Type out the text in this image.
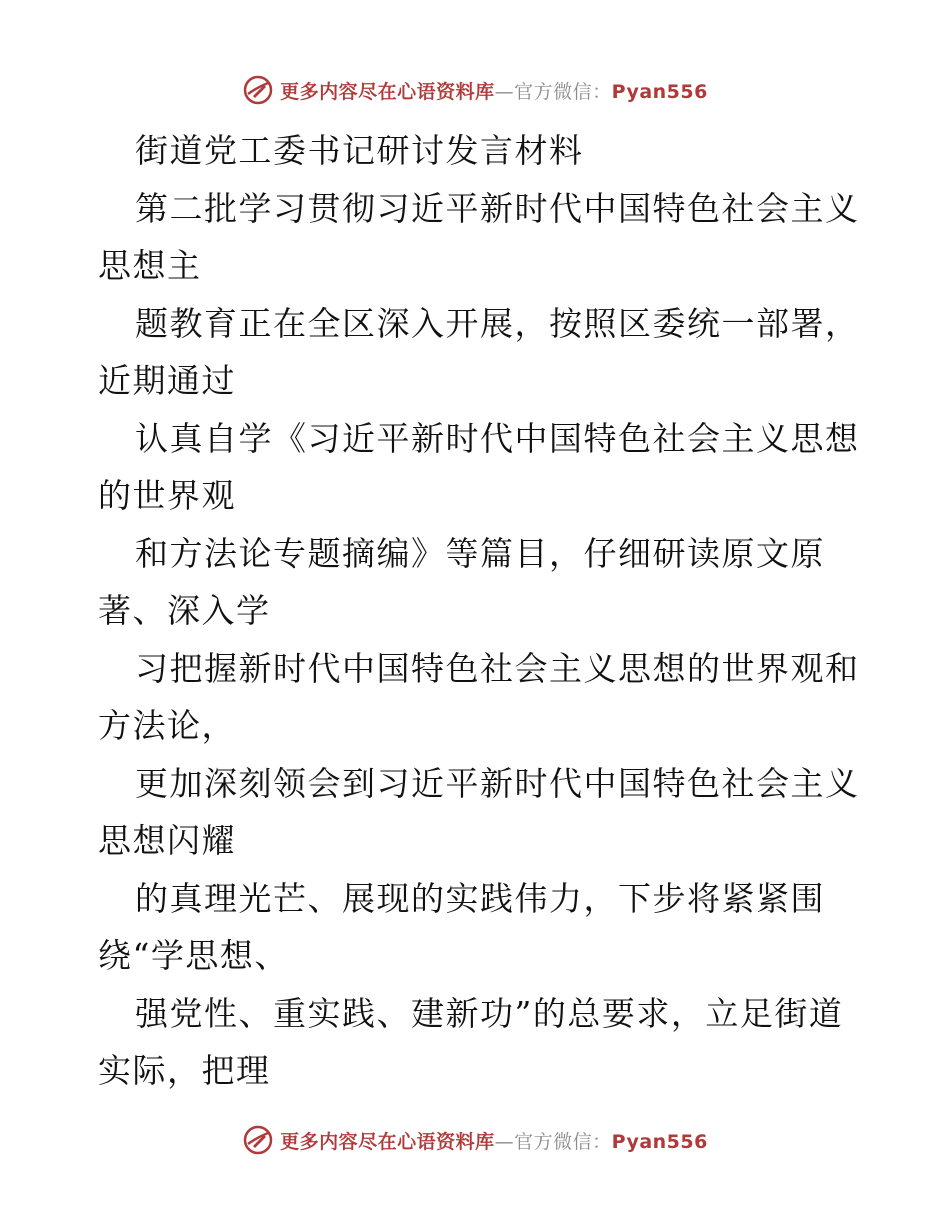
更多内容尽在心语资料库—官方微信：Pyan556
街道党工委书记研讨发言材料
第二批学习贯彻习近平新时代中国特色社会主义
思想主
题教育正在全区深入开展，按照区委统一部署，
近期通过
认真自学《习近平新时代中国特色社会主义思想
的世界观
和方法论专题摘编》等篇目，仔细研读原文原
著、深入学
习把握新时代中国特色社会主义思想的世界观和
方法论，
更加深刻领会到习近平新时代中国特色社会主义
思想闪耀
的真理光芒、展现的实践伟力，下步将紧紧围
绕“学思想、
强党性、重实践、建新功”的总要求，立足街道
实际，把理
更多内容尽在心语资料库—官方微信：Pyan556
